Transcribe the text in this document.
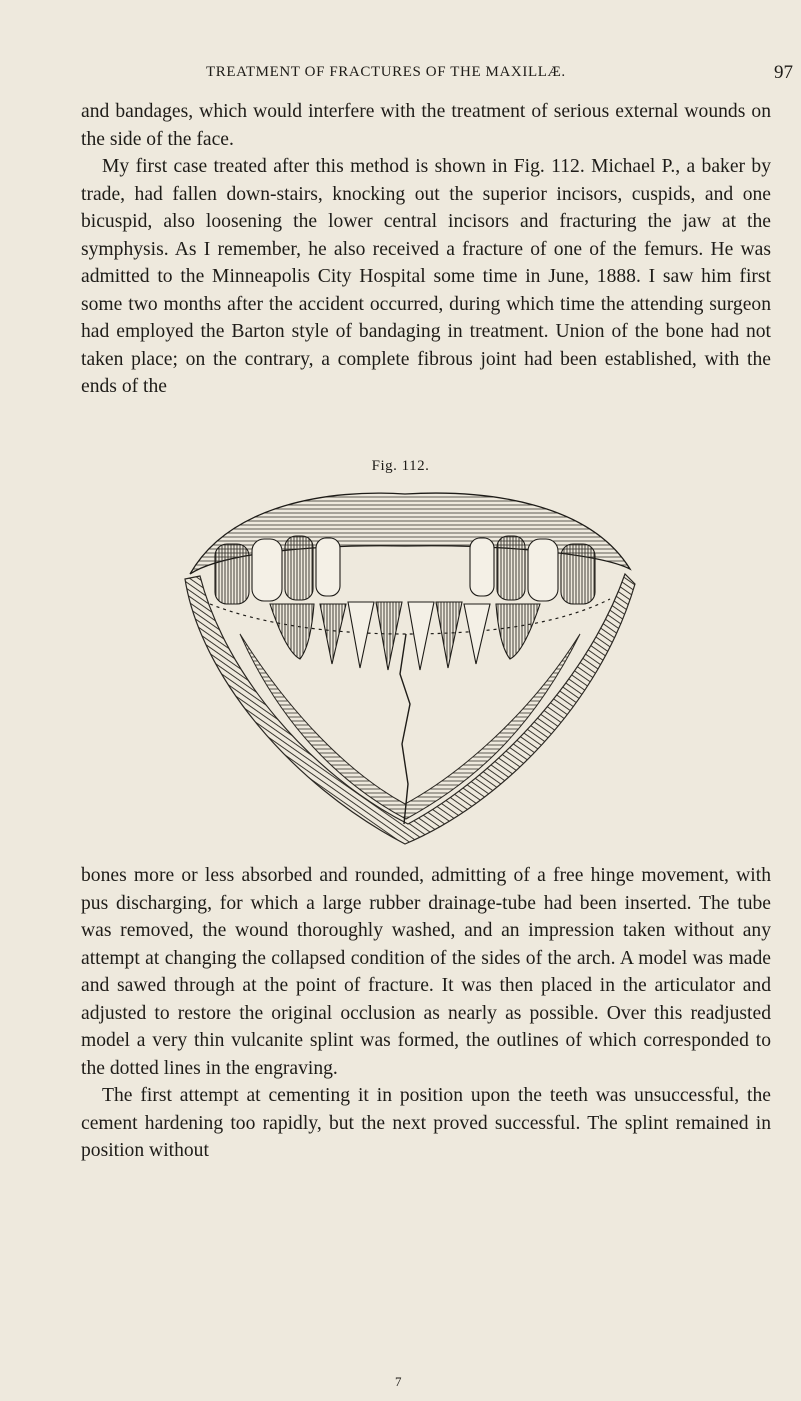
TREATMENT OF FRACTURES OF THE MAXILLÆ.	97

and bandages, which would interfere with the treatment of serious external wounds on the side of the face.

My first case treated after this method is shown in Fig. 112. Michael P., a baker by trade, had fallen down-stairs, knocking out the superior incisors, cuspids, and one bicuspid, also loosening the lower central incisors and fracturing the jaw at the symphysis. As I remember, he also received a fracture of one of the femurs. He was admitted to the Minneapolis City Hospital some time in June, 1888. I saw him first some two months after the accident occurred, during which time the attending surgeon had employed the Barton style of bandaging in treatment. Union of the bone had not taken place; on the contrary, a complete fibrous joint had been established, with the ends of the

Fig. 112.

bones more or less absorbed and rounded, admitting of a free hinge movement, with pus discharging, for which a large rubber drainage-tube had been inserted. The tube was removed, the wound thoroughly washed, and an impression taken without any attempt at changing the collapsed condition of the sides of the arch. A model was made and sawed through at the point of fracture. It was then placed in the articulator and adjusted to restore the original occlusion as nearly as possible. Over this readjusted model a very thin vulcanite splint was formed, the outlines of which corresponded to the dotted lines in the engraving.

The first attempt at cementing it in position upon the teeth was unsuccessful, the cement hardening too rapidly, but the next proved successful. The splint remained in position without

7
